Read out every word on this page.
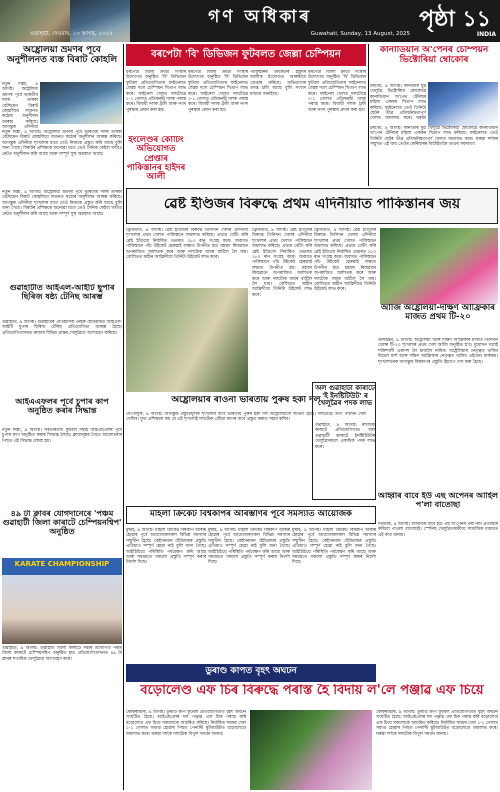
গণ অধিকাৰ
গুৱাহাটী, দেওবাৰ, ১৩ আগষ্ট, ২০২৫	Guwahati, Sunday, 13 August, 2025
পৃষ্ঠা ১১
INDIA
অষ্ট্ৰেলিয়া ভ্ৰমণৰ পূৰ্বে অনুশীলনত ব্যস্ত বিৰাট কোহলি
নতুন দিল্লী, ৯ আগষ্ট। অষ্ট্ৰেলিয়া ভ্ৰমণৰ পূৰ্বে ভাৰতীয় দলৰ তাৰকা বেটছমেন বিৰাট কোহলিয়ে লণ্ডনত কঠোৰ অনুশীলন আৰম্ভ কৰিছে। আগন্তুক এদিনীয়া
নতুন দিল্লী, ৯ আগষ্ট। অষ্ট্ৰেলিয়া ভ্ৰমণৰ পূৰ্বে ভাৰতীয় দলৰ তাৰকা বেটছমেন বিৰাট কোহলিয়ে লণ্ডনত কঠোৰ অনুশীলন আৰম্ভ কৰিছে। আগন্তুক এদিনীয়া শৃংখলাৰ বাবে তেওঁ নিজকে প্ৰস্তুত কৰি আছে বুলি জনা গৈছে। বিৰাটৰ প্ৰশিক্ষকে জনোৱা মতে তেওঁ দৈনিক কেইবা ঘণ্টাও নেটত অনুশীলন কৰি আছে আৰু সম্পূৰ্ণ সুস্থ অৱস্থাত আছে।
বৰপেটা 'বি' ডিভিজন ফুটবলত জেল্লা চেম্পিয়ন
বৰপেটা জিলা ক্ৰীড়া সংস্থাৰ উদ্যোগত অনুষ্ঠিত 'বি' ডিভিজন ফুটবল প্ৰতিযোগিতাৰ ফাইনেলত জেল্লা দলে চেম্পিয়ন খিতাপ লাভ কৰে। ফাইনেল খেলত দলটোৱে ২-১ গোলত প্ৰতিদ্বন্দ্বী দলক পৰাস্ত কৰে। বিজয়ী দলক ট্ৰফী আৰু নগদ পুৰস্কাৰ প্ৰদান কৰা হয়।
ইংলেণ্ডৰ কোৰ্টিং অভিযোগত প্ৰেপ্তাৰ পাকিস্তানৰ হাইদৰ আলী
বৰপেটা জিলা ক্ৰীড়া সংস্থাৰ উদ্যোগত অনুষ্ঠিত 'বি' ডিভিজন ফুটবল প্ৰতিযোগিতাৰ ফাইনেলত জেল্লা দলে চেম্পিয়ন খিতাপ লাভ কৰে। ফাইনেল খেলত দলটোৱে ২-১ গোলত প্ৰতিদ্বন্দ্বী দলক পৰাস্ত কৰে। বিজয়ী দলক ট্ৰফী আৰু নগদ পুৰস্কাৰ প্ৰদান কৰা হয়।
পাকিস্তানৰ ক্ৰিকেটাৰ হাইদৰ আলীক ইংলেণ্ডত আৰক্ষীয়ে গ্ৰেপ্তাৰ কৰিছে। অভিযোগৰ তদন্ত চলি আছে বুলি সংবাদ মাধ্যমে জনাইছে।
বৰপেটা জিলা ক্ৰীড়া সংস্থাৰ উদ্যোগত অনুষ্ঠিত 'বি' ডিভিজন ফুটবল প্ৰতিযোগিতাৰ ফাইনেলত জেল্লা দলে চেম্পিয়ন খিতাপ লাভ কৰে। ফাইনেল খেলত দলটোৱে ২-১ গোলত প্ৰতিদ্বন্দ্বী দলক পৰাস্ত কৰে। বিজয়ী দলক ট্ৰফী আৰু নগদ পুৰস্কাৰ প্ৰদান কৰা হয়।
কানাডিয়ান অ'পেনৰ চেম্পিয়ন ভিক্টোৰিয়া ম্বোকোৰ
টৰণ্টো, ৯ আগষ্ট। কানাডাৰ যুৱ খেলুৱৈ ভিক্টোৰিয়া ম্বোকোৱে কানাডিয়ান অ'পেন টেনিছৰ মহিলা এককৰ খিতাপ লাভ কৰিছে। ফাইনেলত তেওঁ তিনিটা ছেটৰ তীব্ৰ প্ৰতিদ্বন্দ্বিতাপূৰ্ণ খেলত জয়লাভ কৰে। ঘৰুৱা
টৰণ্টো, ৯ আগষ্ট। কানাডাৰ যুৱ খেলুৱৈ ভিক্টোৰিয়া ম্বোকোৱে কানাডিয়ান অ'পেন টেনিছৰ মহিলা এককৰ খিতাপ লাভ কৰিছে। ফাইনেলত তেওঁ তিনিটা ছেটৰ তীব্ৰ প্ৰতিদ্বন্দ্বিতাপূৰ্ণ খেলত জয়লাভ কৰে। ঘৰুৱা দৰ্শকৰ সন্মুখত এই জয় তেওঁৰ কেৰিয়াৰৰ আটাইতকৈ ডাঙৰ সফলতা।
ৱেষ্ট ইণ্ডিজৰ বিৰুদ্ধে প্ৰথম এদিনীয়াত পাকিস্তানৰ জয়
নতুন দিল্লী, ৯ আগষ্ট। অষ্ট্ৰেলিয়া ভ্ৰমণৰ পূৰ্বে ভাৰতীয় দলৰ তাৰকা বেটছমেন বিৰাট কোহলিয়ে লণ্ডনত কঠোৰ অনুশীলন আৰম্ভ কৰিছে। আগন্তুক এদিনীয়া শৃংখলাৰ বাবে তেওঁ নিজকে প্ৰস্তুত কৰি আছে বুলি জনা গৈছে। বিৰাটৰ প্ৰশিক্ষকে জনোৱা মতে তেওঁ দৈনিক কেইবা ঘণ্টাও নেটত অনুশীলন কৰি আছে আৰু সম্পূৰ্ণ সুস্থ অৱস্থাত আছে।
ট্ৰিনিডাড, ৯ আগষ্ট। ৱেষ্ট ইণ্ডিজৰ বিৰুদ্ধে তিনিখন খেলৰ এদিনীয়া শৃংখলাৰ প্ৰথম খেলত পাকিস্তানে জয়লাভ কৰিছে। প্ৰথমে বেটিং কৰি ৱেষ্ট ইণ্ডিজে নিৰ্ধাৰিত ওভাৰত ২৮০ ৰান সংগ্ৰহ কৰে। জবাবত পাকিস্তানে পাঁচ উইকেট হেৰুৱাই লক্ষ্যত উপনীত হয়। মহম্মদ ৰিজৱানে অপৰাজিত অৰ্ধশতক কৰে আৰু দলটোক জয়ৰ বাটলৈ লৈ যায়। বোলিঙত শ্বাহীন আফ্ৰিদীয়ে তিনিটা উইকেট লাভ কৰে।
ট্ৰিনিডাড, ৯ আগষ্ট। ৱেষ্ট ইণ্ডিজৰ বিৰুদ্ধে তিনিখন খেলৰ এদিনীয়া শৃংখলাৰ প্ৰথম খেলত পাকিস্তানে জয়লাভ কৰিছে। প্ৰথমে বেটিং কৰি ৱেষ্ট ইণ্ডিজে নিৰ্ধাৰিত ওভাৰত ২৮০ ৰান সংগ্ৰহ কৰে। জবাবত পাকিস্তানে পাঁচ উইকেট হেৰুৱাই লক্ষ্যত উপনীত হয়। মহম্মদ ৰিজৱানে অপৰাজিত অৰ্ধশতক কৰে আৰু দলটোক জয়ৰ বাটলৈ লৈ যায়। বোলিঙত শ্বাহীন আফ্ৰিদীয়ে তিনিটা উইকেট লাভ কৰে।
ট্ৰিনিডাড, ৯ আগষ্ট। ৱেষ্ট ইণ্ডিজৰ বিৰুদ্ধে তিনিখন খেলৰ এদিনীয়া শৃংখলাৰ প্ৰথম খেলত পাকিস্তানে জয়লাভ কৰিছে। প্ৰথমে বেটিং কৰি ৱেষ্ট ইণ্ডিজে নিৰ্ধাৰিত ওভাৰত ২৮০ ৰান সংগ্ৰহ কৰে। জবাবত পাকিস্তানে পাঁচ উইকেট হেৰুৱাই লক্ষ্যত উপনীত হয়। মহম্মদ ৰিজৱানে অপৰাজিত অৰ্ধশতক কৰে আৰু দলটোক জয়ৰ বাটলৈ লৈ যায়। বোলিঙত শ্বাহীন আফ্ৰিদীয়ে তিনিটা উইকেট লাভ কৰে।
আজি অষ্ট্ৰেলিয়া-দক্ষিণ আফ্ৰিকাৰ মাজত প্ৰথম টি-২০
ডাৰউইন, ৯ আগষ্ট। অষ্ট্ৰেলিয়া আৰু দক্ষিণ আফ্ৰিকাৰ মাজত তিনিখন খেলৰ টি-২০ শৃংখলাৰ প্ৰথম খেল আজি অনুষ্ঠিত হ'ব। দুয়োখন দলেই শক্তিশালী একাদশ লৈ মাজলৈ নামিব। অষ্ট্ৰেলিয়াৰ নেতৃত্বত থাকিব মিচেল মাৰ্শ আৰু দক্ষিণ আফ্ৰিকাৰ নেতৃত্বত থাকিব এইডেন মাৰ্কৰাম। শৃংখলাখনক আগন্তুক বিশ্বকাপৰ প্ৰস্তুতি হিচাপে গণ্য কৰা হৈছে।
গুৱাহাটীত আইএল-আইটি ছুপাৰ ছিৰিজ ষষ্ঠ্য টেনিছ আৰম্ভ
গুৱাহাটী, ৯ আগষ্ট। গুৱাহাটীৰ ঐতিহাসিক নেহৰু ষ্টেডিয়ামত আইএল-আইটি ছুপাৰ ছিৰিজ টেনিছ প্ৰতিযোগিতা আৰম্ভ হৈছে। প্ৰতিযোগিতাখনত ৰাজ্যৰ বিভিন্ন প্ৰান্তৰ খেলুৱৈয়ে অংশগ্ৰহণ কৰিছে।
আইএএফলৰ পূৰ্বে চুপাৰ কাপ অনুষ্ঠিত কৰাৰ সিদ্ধান্ত
নতুন দিল্লী, ৯ আগষ্ট। সৰ্বভাৰতীয় ফুটবল সন্থাই আইএছএলৰ পূৰ্বে চুপাৰ কাপ অনুষ্ঠিত কৰাৰ সিদ্ধান্ত লৈছে। ক্লাবসমূহৰ সৈতে আলোচনাৰ পিছত এই সিদ্ধান্ত লোৱা হয়।
অষ্ট্ৰেলিয়াৰ ৰাওনা ভাৰতীয় পুৰুষ হকী দল
বেংগালুৰু, ৯ আগষ্ট। আগন্তুক প্ৰস্তুতিমূলক শৃংখলাৰ বাবে ভাৰতীয় পুৰুষ হকী দল অষ্ট্ৰেলিয়ালৈ ৰাওনা হৈছে। দলটোৱে তাত পাঁচখন খেল খেলিব। মুখ্য প্ৰশিক্ষকে কয় যে এই শৃংখলাই দলটোক এছিয়া কাপৰ বাবে প্ৰস্তুত কৰাত সহায় কৰিব।
অল গুৱাহাটী কাৰাটে 'ই ইনষ্টিটিউট' ৰ খেলুৱৈৰ পদক লাভ
গুৱাহাটী, ৯ আগষ্ট। ৰাজ্যিক কাৰাটে প্ৰতিযোগিতাত অল গুৱাহাটী কাৰাটে ইনষ্টিটিউটৰ খেলুৱৈসকলে একাধিক পদক লাভ কৰে।
আহ্বাৰ বাবে ইউ এছ অপেনৰ আৰ্হিল প'লা বাতোছা
নিউয়ৰ্ক, ৯ আগষ্ট। আঘাতৰ বাবে ইউ এছ অ'পেনৰ পৰা নাম প্ৰত্যাহাৰ কৰিলে পাওলা বাদোছাই। স্পেনিছ খেলুৱৈগৰাকীয়ে সামাজিক মাধ্যমত এই কথা জনায়।
মহিলা ক্ৰিকেট বিশ্বকাপৰ আৰম্ভণিৰ পূৰ্বে সমস্যাত আয়োজক
মুম্বাই, ৯ আগষ্ট। মহিলা ক্ৰিকেট বিশ্বকাপ আৰম্ভ হোৱাৰ পূৰ্বে আয়োজকসকল বিভিন্ন সমস্যাৰ সন্মুখীন হৈছে। কেইখনমান ষ্টেডিয়ামৰ প্ৰস্তুতি এতিয়াও সম্পূৰ্ণ হোৱা নাই বুলি জনা গৈছে। আইচিচিয়ে পৰিস্থিতি পৰ্যবেক্ষণ কৰি আছে আৰু সময়মতে সকলো প্ৰস্তুতি সম্পূৰ্ণ কৰাৰ নিৰ্দেশ দিছে।
মুম্বাই, ৯ আগষ্ট। মহিলা ক্ৰিকেট বিশ্বকাপ আৰম্ভ হোৱাৰ পূৰ্বে আয়োজকসকল বিভিন্ন সমস্যাৰ সন্মুখীন হৈছে। কেইখনমান ষ্টেডিয়ামৰ প্ৰস্তুতি এতিয়াও সম্পূৰ্ণ হোৱা নাই বুলি জনা গৈছে। আইচিচিয়ে পৰিস্থিতি পৰ্যবেক্ষণ কৰি আছে আৰু সময়মতে সকলো প্ৰস্তুতি সম্পূৰ্ণ কৰাৰ নিৰ্দেশ দিছে।
মুম্বাই, ৯ আগষ্ট। মহিলা ক্ৰিকেট বিশ্বকাপ আৰম্ভ হোৱাৰ পূৰ্বে আয়োজকসকল বিভিন্ন সমস্যাৰ সন্মুখীন হৈছে। কেইখনমান ষ্টেডিয়ামৰ প্ৰস্তুতি এতিয়াও সম্পূৰ্ণ হোৱা নাই বুলি জনা গৈছে। আইচিচিয়ে পৰিস্থিতি পৰ্যবেক্ষণ কৰি আছে আৰু সময়মতে সকলো প্ৰস্তুতি সম্পূৰ্ণ কৰাৰ নিৰ্দেশ দিছে।
৪৯ টা ক্লাবৰ যোগদানেৰে 'পঞ্চম গুৱাহাটী জিলা কাৰাটে চেম্পিয়নশ্বিপ' অনুষ্ঠিত
KARATE CHAMPIONSHIP
গুৱাহাটী, ৯ আগষ্ট। গুৱাহাটী জিলা কাৰাটে সন্থাৰ উদ্যোগত পঞ্চম জিলা কাৰাটে চেম্পিয়নশ্বিপ অনুষ্ঠিত হয়। প্ৰতিযোগিতাখনত ৪৯ টা ক্লাবৰ শতাধিক খেলুৱৈয়ে অংশগ্ৰহণ কৰে।
ডুৰাণ্ড কাপত বৃহৎ অঘটন
বড়োলেণ্ড এফ চিৰ বিৰুদ্ধে পৰাস্ত হৈ বিদায় ল'লে পঞ্জাৱ এফ চিয়ে
কোকৰাঝাৰ, ৯ আগষ্ট। ডুৰাণ্ড কাপ ফুটবল প্ৰতিযোগিতাত বৃহৎ অঘটন সংঘটিত হৈছে। আইএছএলৰ দল পঞ্জাৱ এফ চিক পৰাস্ত কৰি বড়োলেণ্ড এফ চিয়ে সকলোকে আচৰিত কৰিছে। নিৰ্ধাৰিত সময়ৰ খেল ১-১ গোলত সমাপ্ত হোৱাৰ পিছত পেনাল্টি শ্বুটআউটত বড়োলেণ্ডে জয়লাভ কৰে। ঘৰুৱা দৰ্শকে দলটোক বিপুল সমৰ্থন জনায়।
কোকৰাঝাৰ, ৯ আগষ্ট। ডুৰাণ্ড কাপ ফুটবল প্ৰতিযোগিতাত বৃহৎ অঘটন সংঘটিত হৈছে। আইএছএলৰ দল পঞ্জাৱ এফ চিক পৰাস্ত কৰি বড়োলেণ্ড এফ চিয়ে সকলোকে আচৰিত কৰিছে। নিৰ্ধাৰিত সময়ৰ খেল ১-১ গোলত সমাপ্ত হোৱাৰ পিছত পেনাল্টি শ্বুটআউটত বড়োলেণ্ডে জয়লাভ কৰে। ঘৰুৱা দৰ্শকে দলটোক বিপুল সমৰ্থন জনায়।
